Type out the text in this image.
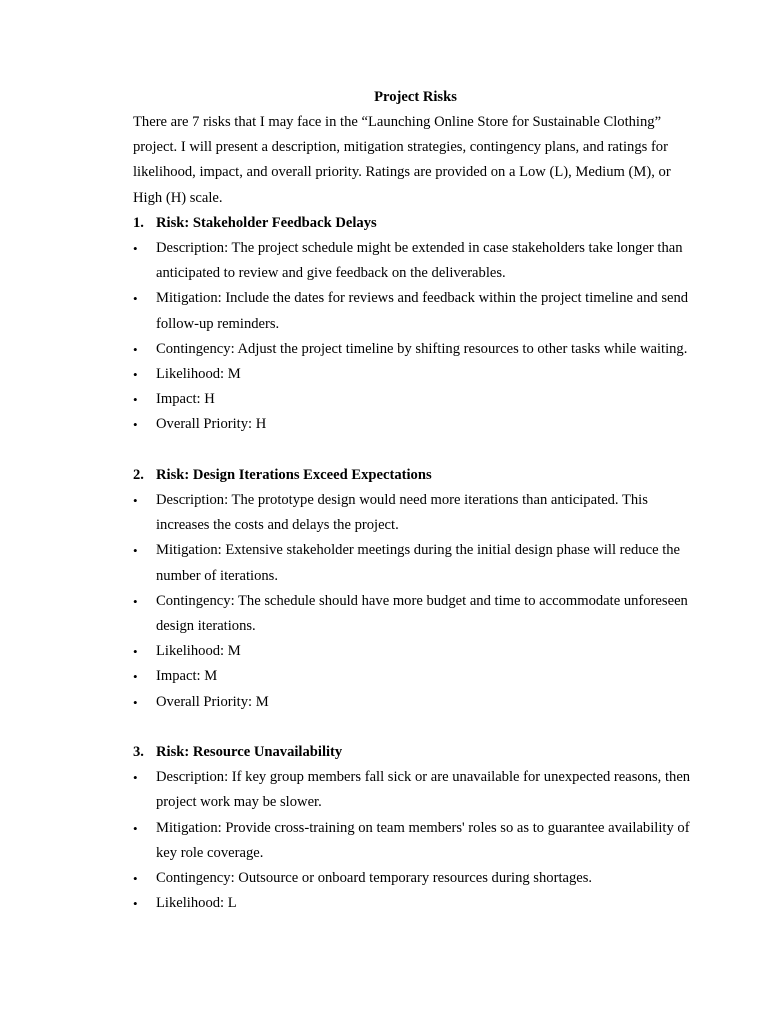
Project Risks

There are 7 risks that I may face in the “Launching Online Store for Sustainable Clothing” project. I will present a description, mitigation strategies, contingency plans, and ratings for likelihood, impact, and overall priority. Ratings are provided on a Low (L), Medium (M), or High (H) scale.

1. Risk: Stakeholder Feedback Delays
• Description: The project schedule might be extended in case stakeholders take longer than anticipated to review and give feedback on the deliverables.
• Mitigation: Include the dates for reviews and feedback within the project timeline and send follow-up reminders.
• Contingency: Adjust the project timeline by shifting resources to other tasks while waiting.
• Likelihood: M
• Impact: H
• Overall Priority: H
2. Risk: Design Iterations Exceed Expectations
• Description: The prototype design would need more iterations than anticipated. This increases the costs and delays the project.
• Mitigation: Extensive stakeholder meetings during the initial design phase will reduce the number of iterations.
• Contingency: The schedule should have more budget and time to accommodate unforeseen design iterations.
• Likelihood: M
• Impact: M
• Overall Priority: M
3. Risk: Resource Unavailability
• Description: If key group members fall sick or are unavailable for unexpected reasons, then project work may be slower.
• Mitigation: Provide cross-training on team members' roles so as to guarantee availability of key role coverage.
• Contingency: Outsource or onboard temporary resources during shortages.
• Likelihood: L
